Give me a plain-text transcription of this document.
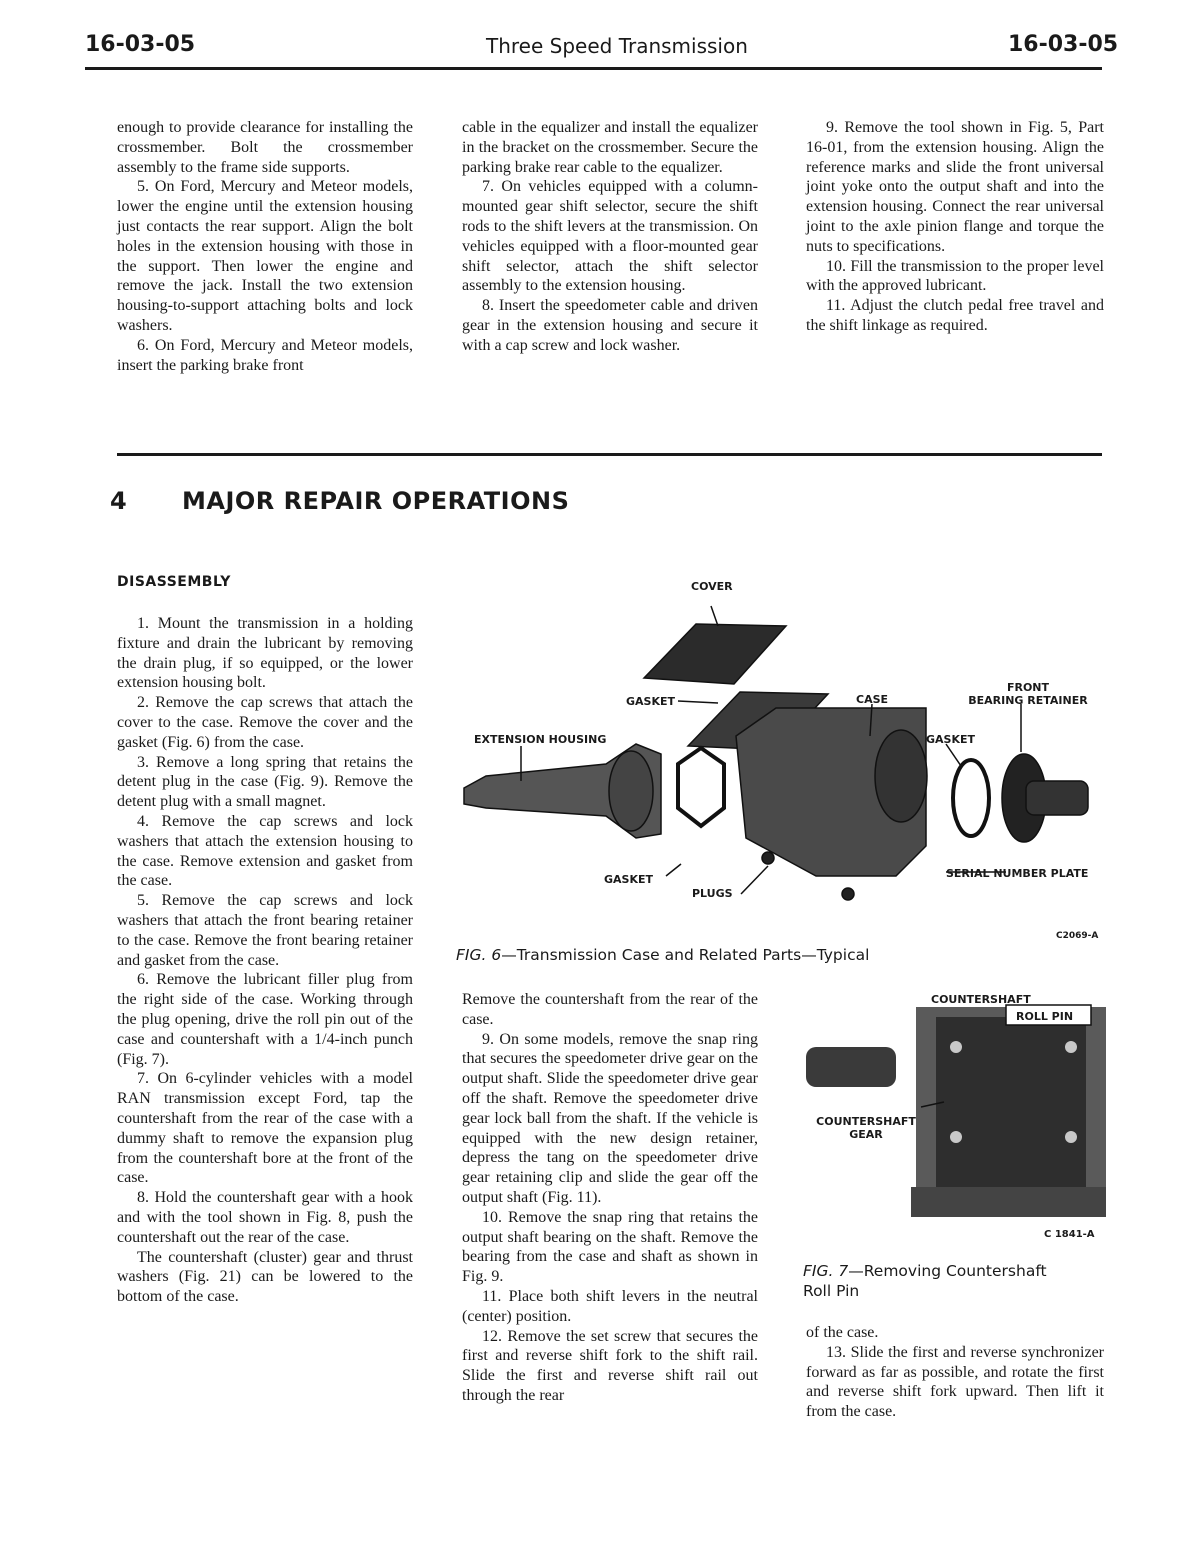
16-03-05	Three Speed Transmission	16-03-05

enough to provide clearance for installing the crossmember. Bolt the crossmember assembly to the frame side supports.

5. On Ford, Mercury and Meteor models, lower the engine until the extension housing just contacts the rear support. Align the bolt holes in the extension housing with those in the support. Then lower the engine and remove the jack. Install the two extension housing-to-support attaching bolts and lock washers.

6. On Ford, Mercury and Meteor models, insert the parking brake front

cable in the equalizer and install the equalizer in the bracket on the crossmember. Secure the parking brake rear cable to the equalizer.

7. On vehicles equipped with a column-mounted gear shift selector, secure the shift rods to the shift levers at the transmission. On vehicles equipped with a floor-mounted gear shift selector, attach the shift selector assembly to the extension housing.

8. Insert the speedometer cable and driven gear in the extension housing and secure it with a cap screw and lock washer.

9. Remove the tool shown in Fig. 5, Part 16-01, from the extension housing. Align the reference marks and slide the front universal joint yoke onto the output shaft and into the extension housing. Connect the rear universal joint to the axle pinion flange and torque the nuts to specifications.

10. Fill the transmission to the proper level with the approved lubricant.

11. Adjust the clutch pedal free travel and the shift linkage as required.

4 MAJOR REPAIR OPERATIONS
DISASSEMBLY

1. Mount the transmission in a holding fixture and drain the lubricant by removing the drain plug, if so equipped, or the lower extension housing bolt.

2. Remove the cap screws that attach the cover to the case. Remove the cover and the gasket (Fig. 6) from the case.

3. Remove a long spring that retains the detent plug in the case (Fig. 9). Remove the detent plug with a small magnet.

4. Remove the cap screws and lock washers that attach the extension housing to the case. Remove extension and gasket from the case.

5. Remove the cap screws and lock washers that attach the front bearing retainer to the case. Remove the front bearing retainer and gasket from the case.

6. Remove the lubricant filler plug from the right side of the case. Working through the plug opening, drive the roll pin out of the case and countershaft with a 1/4-inch punch (Fig. 7).

7. On 6-cylinder vehicles with a model RAN transmission except Ford, tap the countershaft from the rear of the case with a dummy shaft to remove the expansion plug from the countershaft bore at the front of the case.

8. Hold the countershaft gear with a hook and with the tool shown in Fig. 8, push the countershaft out the rear of the case.

The countershaft (cluster) gear and thrust washers (Fig. 21) can be lowered to the bottom of the case.

COVER
GASKET	CASE
FRONT
BEARING RETAINER
EXTENSION HOUSING	GASKET
SERIAL NUMBER PLATE
GASKET
PLUGS
C2069-A
FIG. 6—Transmission Case and Related Parts—Typical

Remove the countershaft from the rear of the case.

9. On some models, remove the snap ring that secures the speedometer drive gear on the output shaft. Slide the speedometer drive gear off the shaft. Remove the speedometer drive gear lock ball from the shaft. If the vehicle is equipped with the new design retainer, depress the tang on the speedometer drive gear retaining clip and slide the gear off the output shaft (Fig. 11).

10. Remove the snap ring that retains the output shaft bearing on the shaft. Remove the bearing from the case and shaft as shown in Fig. 9.

11. Place both shift levers in the neutral (center) position.

12. Remove the set screw that secures the first and reverse shift fork to the shift rail. Slide the first and reverse shift rail out through the rear

COUNTERSHAFT
ROLL PIN
COUNTERSHAFT
GEAR
C 1841-A
FIG. 7—Removing Countershaft
Roll Pin

of the case.

13. Slide the first and reverse synchronizer forward as far as possible, and rotate the first and reverse shift fork upward. Then lift it from the case.
